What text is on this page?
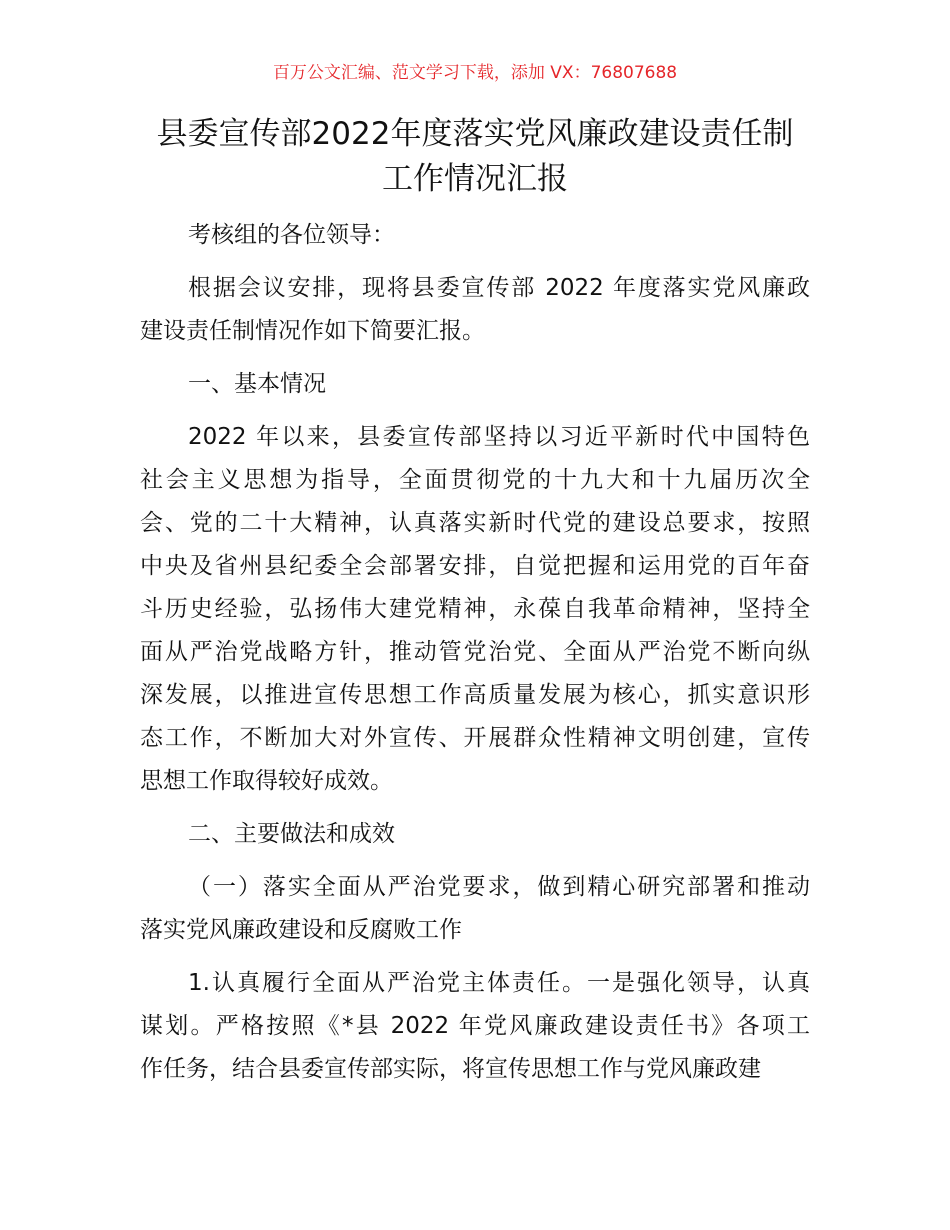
百万公文汇编、范文学习下载，添加 VX：76807688
县委宣传部2022年度落实党风廉政建设责任制
工作情况汇报
考核组的各位领导：
根据会议安排，现将县委宣传部 2022 年度落实党风廉政
建设责任制情况作如下简要汇报。
一、基本情况
2022 年以来，县委宣传部坚持以习近平新时代中国特色
社会主义思想为指导，全面贯彻党的十九大和十九届历次全
会、党的二十大精神，认真落实新时代党的建设总要求，按照
中央及省州县纪委全会部署安排，自觉把握和运用党的百年奋
斗历史经验，弘扬伟大建党精神，永葆自我革命精神，坚持全
面从严治党战略方针，推动管党治党、全面从严治党不断向纵
深发展，以推进宣传思想工作高质量发展为核心，抓实意识形
态工作，不断加大对外宣传、开展群众性精神文明创建，宣传
思想工作取得较好成效。
二、主要做法和成效
（一）落实全面从严治党要求，做到精心研究部署和推动
落实党风廉政建设和反腐败工作
1.认真履行全面从严治党主体责任。一是强化领导，认真
谋划。严格按照《*县 2022 年党风廉政建设责任书》各项工
作任务，结合县委宣传部实际，将宣传思想工作与党风廉政建
